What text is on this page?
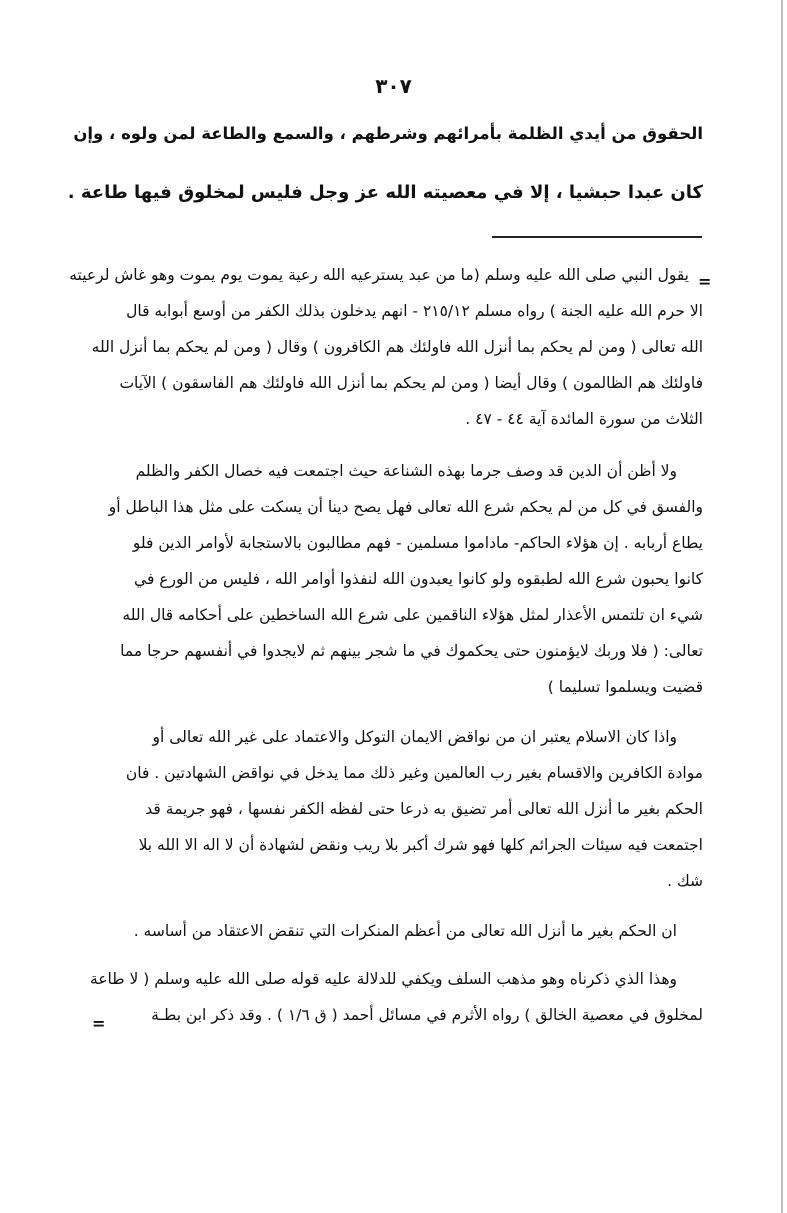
٣٠٧

الحقوق من أيدي الظلمة بأمرائهم وشرطهم ، والسمع والطاعة لمن ولوه ، وإن

كان عبدا حبشيا ، إلا في معصيته الله عز وجل فليس لمخلوق فيها طاعة .

=

يقول النبي صلى الله عليه وسلم (ما من عبد يسترعيه الله رعية يموت يوم يموت وهو غاش لرعيته

الا حرم الله عليه الجنة ) رواه مسلم ٢١٥/١٢ - انهم يدخلون بذلك الكفر من أوسع أبوابه قال

الله تعالى ( ومن لم يحكم بما أنزل الله فاولئك هم الكافرون ) وقال ( ومن لم يحكم بما أنزل الله

فاولئك هم الظالمون ) وقال أيضا ( ومن لم يحكم بما أنزل الله فاولئك هم الفاسقون ) الآيات

الثلاث من سورة المائدة آية ٤٤ - ٤٧ .

ولا أظن أن الدين قد وصف جرما بهذه الشناعة حيث اجتمعت فيه خصال الكفر والظلم

والفسق في كل من لم يحكم شرع الله تعالى فهل يصح دينا أن يسكت على مثل هذا الباطل أو

يطاع أربابه . إن هؤلاء الحاكم- ماداموا مسلمين - فهم مطالبون بالاستجابة لأوامر الدين فلو

كانوا يحبون شرع الله لطبقوه ولو كانوا يعبدون الله لنفذوا أوامر الله ، فليس من الورع في

شيء ان تلتمس الأعذار لمثل هؤلاء الناقمين على شرع الله الساخطين على أحكامه قال الله

تعالى: ( فلا وربك لايؤمنون حتى يحكموك في ما شجر بينهم ثم لايجدوا في أنفسهم حرجا مما

قضيت ويسلموا تسليما )

واذا كان الاسلام يعتبر ان من نواقض الايمان التوكل والاعتماد على غير الله تعالى أو

موادة الكافرين والاقسام بغير رب العالمين وغير ذلك مما يدخل في نواقض الشهادتين . فان

الحكم بغير ما أنزل الله تعالى أمر تضيق به ذرعا حتى لفظه الكفر نفسها ، فهو جريمة قد

اجتمعت فيه سيئات الجرائم كلها فهو شرك أكبر بلا ريب ونقض لشهادة أن لا اله الا الله بلا

شك .

ان الحكم بغير ما أنزل الله تعالى من أعظم المنكرات التي تنقض الاعتقاد من أساسه .

وهذا الذي ذكرناه وهو مذهب السلف ويكفي للدلالة عليه قوله صلى الله عليه وسلم ( لا طاعة

لمخلوق في معصية الخالق ) رواه الأثرم في مسائل أحمد ( ق ١/٦ ) . وقد ذكر ابن بطـة

=
